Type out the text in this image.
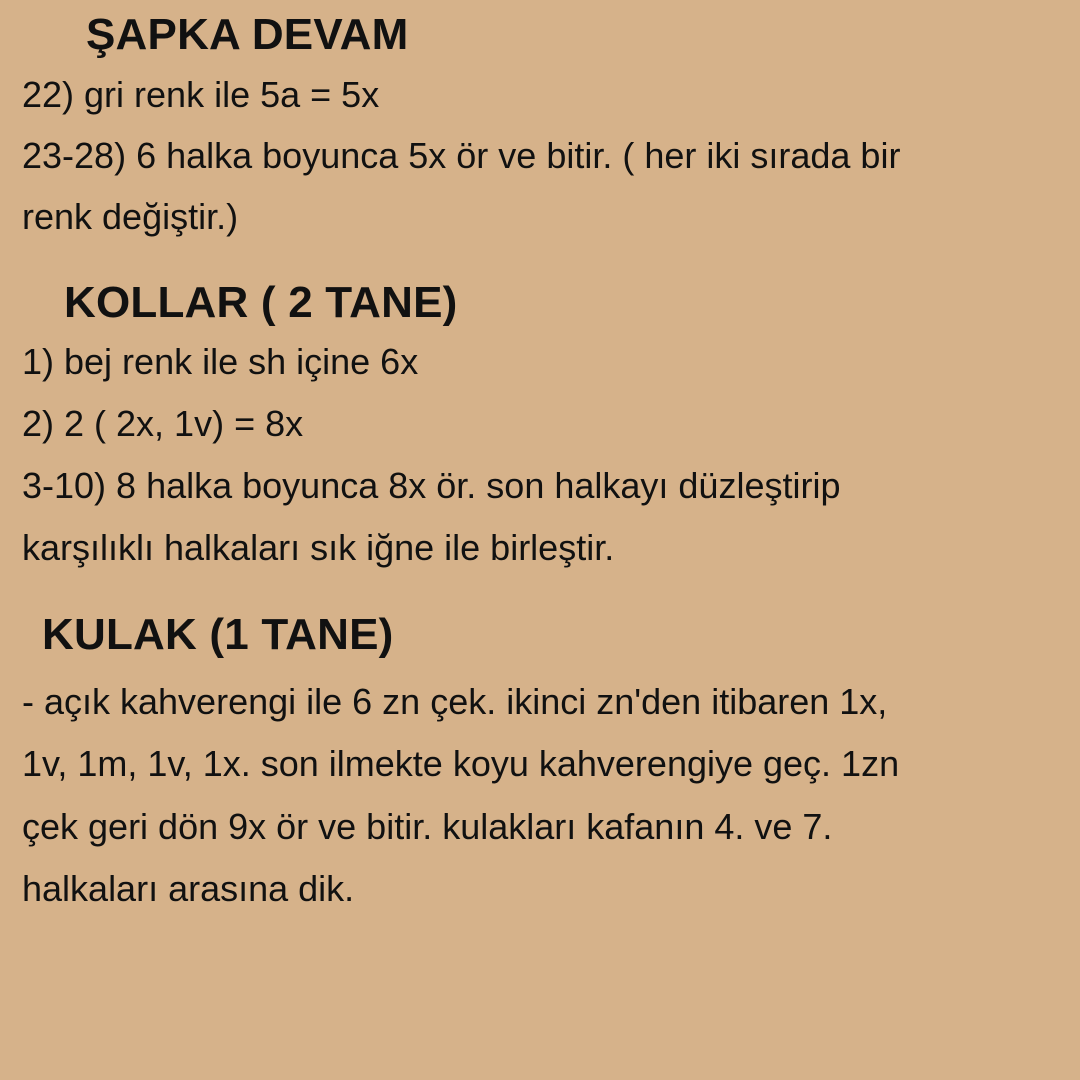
ŞAPKA DEVAM

22) gri renk ile 5a = 5x

23-28) 6 halka boyunca 5x ör ve bitir. ( her iki sırada bir

renk değiştir.)

KOLLAR ( 2 TANE)

1) bej renk ile sh içine 6x

2) 2 ( 2x, 1v) = 8x

3-10) 8 halka boyunca 8x ör. son halkayı düzleştirip

karşılıklı halkaları sık iğne ile birleştir.

KULAK (1 TANE)

- açık kahverengi ile 6 zn çek. ikinci zn'den itibaren 1x,

1v, 1m, 1v, 1x. son ilmekte koyu kahverengiye geç. 1zn

çek geri dön 9x ör ve bitir. kulakları kafanın 4. ve 7.

halkaları arasına dik.
